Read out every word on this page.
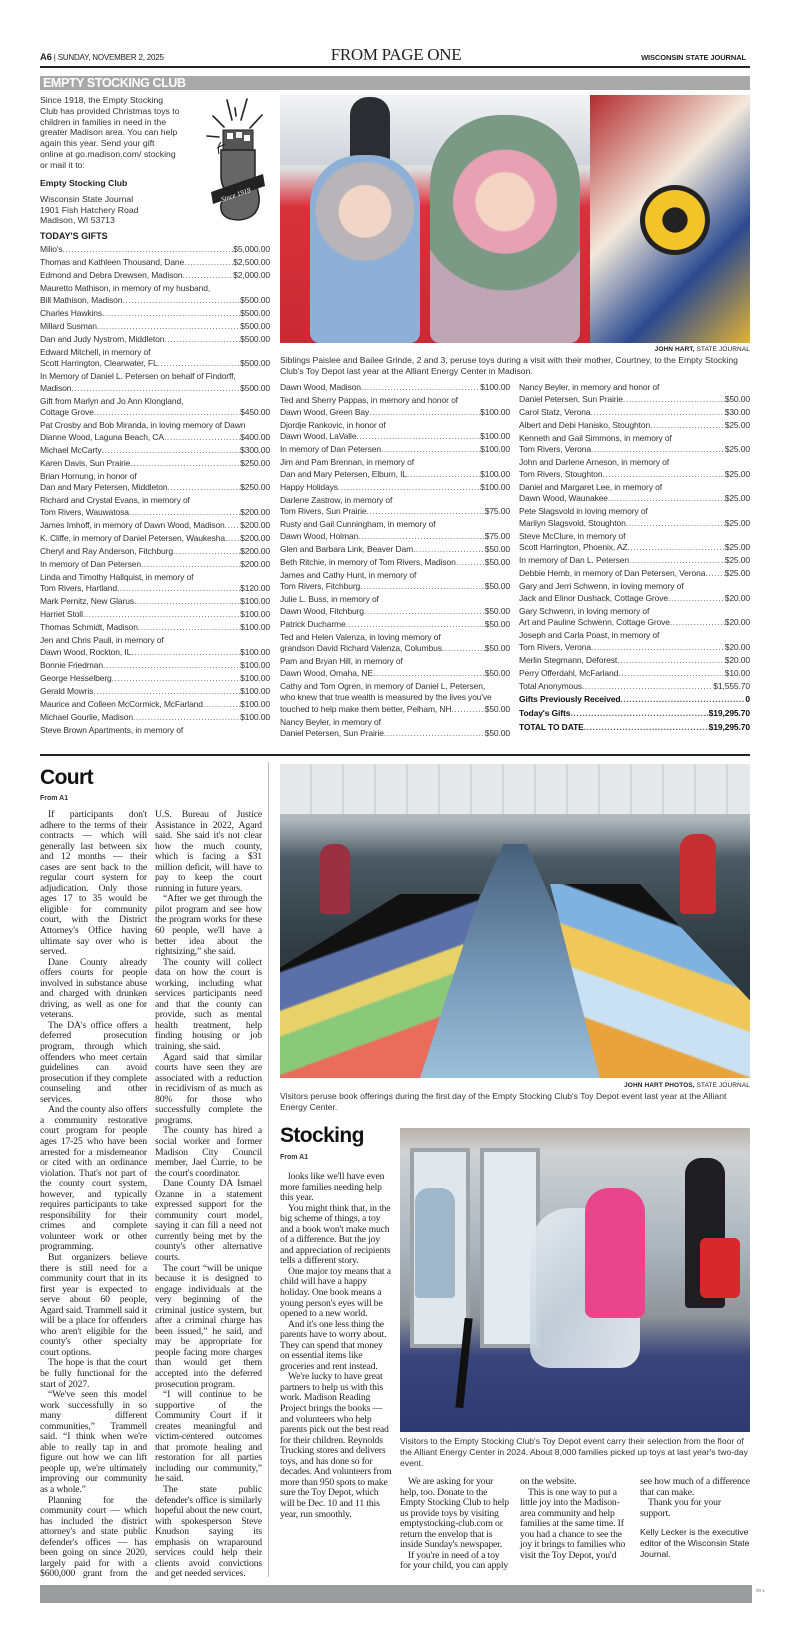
A6 | SUNDAY, NOVEMBER 2, 2025	FROM PAGE ONE	WISCONSIN STATE JOURNAL
EMPTY STOCKING CLUB
Since 1918, the Empty Stocking Club has provided Christmas toys to children in families in need in the greater Madison area. You can help again this year. Send your gift online at go.madison.com/ stocking or mail it to:
Empty Stocking Club
Wisconsin State Journal
1901 Fish Hatchery Road
Madison, WI 53713
Since 1918
TODAY'S GIFTS
Milio's .....	$5,000.00
Thomas and Kathleen Thousand, Dane .....	$2,500.00
Edmond and Debra Drewsen, Madison .....	$2,000.00
Mauretto Mathison, in memory of my husband,
Bill Mathison, Madison .....	$500.00
Charles Hawkins .....	$500.00
Millard Susman .....	$500.00
Dan and Judy Nystrom, Middleton .....	$500.00
Edward Mitchell, in memory of
Scott Harrington, Clearwater, FL .....	$500.00
In Memory of Daniel L. Petersen on behalf of Findorff,
Madison .....	$500.00
Gift from Marlyn and Jo Ann Klongland,
Cottage Grove .....	$450.00
Pat Crosby and Bob Miranda, in loving memory of Dawn
Dianne Wood, Laguna Beach, CA .....	$400.00
Michael McCarty .....	$300.00
Karen Davis, Sun Prairie .....	$250.00
Brian Hornung, in honor of
Dan and Mary Petersen, Middleton .....	$250.00
Richard and Crystal Evans, in memory of
Tom Rivers, Wauwatosa .....	$200.00
James Imhoff, in memory of Dawn Wood, Madison ..... $200.00
K. Cliffe, in memory of Daniel Petersen, Waukesha ..... $200.00
Cheryl and Ray Anderson, Fitchburg .....	$200.00
In memory of Dan Petersen .....	$200.00
Linda and Timothy Hallquist, in memory of
Tom Rivers, Hartland .....	$120.00
Mark Pernitz, New Glarus .....	$100.00
Harriet Stoll .....	$100.00
Thomas Schmidt, Madison .....	$100.00
Jen and Chris Pauli, in memory of
Dawn Wood, Rockton, IL .....	$100.00
Bonnie Friedman .....	$100.00
George Hesselberg .....	$100.00
Gerald Mowris .....	$100.00
Maurice and Colleen McCormick, McFarland .....	$100.00
Michael Gourlie, Madison .....	$100.00
Steve Brown Apartments, in memory of
JOHN HART, STATE JOURNAL
Siblings Paislee and Bailee Grinde, 2 and 3, peruse toys during a visit with their mother, Courtney, to the Empty Stocking Club's Toy Depot last year at the Alliant Energy Center in Madison.
Dawn Wood, Madison .....	$100.00
Ted and Sherry Pappas, in memory and honor of
Dawn Wood, Green Bay .....	$100.00
Djordje Rankovic, in honor of
Dawn Wood, LaValle .....	$100.00
In memory of Dan Petersen .....	$100.00
Jim and Pam Brennan, in memory of
Dan and Mary Petersen, Elburn, IL .....	$100.00
Happy Holidays .....	$100.00
Darlene Zastrow, in memory of
Tom Rivers, Sun Prairie .....	$75.00
Rusty and Gail Cunningham, in memory of
Dawn Wood, Holman .....	$75.00
Glen and Barbara Link, Beaver Dam .....	$50.00
Beth Ritchie, in memory of Tom Rivers, Madison .....	$50.00
James and Cathy Hunt, in memory of
Tom Rivers, Fitchburg .....	$50.00
Julie L. Buss, in memory of
Dawn Wood, Fitchburg .....	$50.00
Patrick Ducharme .....	$50.00
Ted and Helen Valenza, in loving memory of
grandson David Richard Valenza, Columbus .....	$50.00
Pam and Bryan Hill, in memory of
Dawn Wood, Omaha, NE .....	$50.00
Cathy and Tom Ogren, in memory of Daniel L. Petersen,
who knew that true wealth is measured by the lives you've
touched to help make them better, Pelham, NH .....	$50.00
Nancy Beyler, in memory of
Daniel Petersen, Sun Prairie .....	$50.00
Nancy Beyler, in memory and honor of
Daniel Petersen, Sun Prairie .....	$50.00
Carol Statz, Verona .....	$30.00
Albert and Debi Hanisko, Stoughton .....	$25.00
Kenneth and Gail Simmons, in memory of
Tom Rivers, Verona .....	$25.00
John and Darlene Arneson, in memory of
Tom Rivers, Stoughton .....	$25.00
Daniel and Margaret Lee, in memory of
Dawn Wood, Waunakee .....	$25.00
Pete Slagsvold in loving memory of
Marilyn Slagsvold, Stoughton .....	$25.00
Steve McClure, in memory of
Scott Harrington, Phoenix, AZ .....	$25.00
In memory of Dan L. Petersen .....	$25.00
Debbie Hemb, in memory of Dan Petersen, Verona ..... $25.00
Gary and Jerri Schwenn, in loving memory of
Jack and Elinor Dushack, Cottage Grove .....	$20.00
Gary Schwenn, in loving memory of
Art and Pauline Schwenn, Cottage Grove .....	$20.00
Joseph and Carla Poast, in memory of
Tom Rivers, Verona .....	$20.00
Merlin Stegmann, Deforest .....	$20.00
Perry Offerdahl, McFarland .....	$10.00
Total Anonymous .....	$1,555.70
Gifts Previously Received .....	0
Today's Gifts .....	$19,295.70
TOTAL TO DATE .....	$19,295.70
Court
From A1

If participants don't adhere to the terms of their contracts — which will generally last between six and 12 months — their cases are sent back to the regular court system for adjudication. Only those ages 17 to 35 would be eligible for community court, with the District Attorney's Office having ultimate say over who is served.

Dane County already offers courts for people involved in substance abuse and charged with drunken driving, as well as one for veterans.

The DA's office offers a deferred prosecution program, through which offenders who meet certain guidelines can avoid prosecution if they complete counseling and other services.

And the county also offers a community restorative court program for people ages 17-25 who have been arrested for a misdemeanor or cited with an ordinance violation. That's not part of the county court system, however, and typically requires participants to take responsibility for their crimes and complete volunteer work or other programming.

But organizers believe there is still need for a community court that in its first year is expected to serve about 60 people, Agard said. Trammell said it will be a place for offenders who aren't eligible for the county's other specialty court options.

The hope is that the court be fully functional for the start of 2027.

“We've seen this model work successfully in so many different communities,” Trammell said. “I think when we're able to really tap in and figure out how we can lift people up, we're ultimately improving our community as a whole.”

Planning for the community court — which has included the district attorney's and state public defender's offices — has been going on since 2020, largely paid for with a $600,000 grant from the U.S. Bureau of Justice Assistance in 2022, Agard said. She said it's not clear how the much county, which is facing a $31 million deficit, will have to pay to keep the court running in future years.

“After we get through the pilot program and see how the program works for these 60 people, we'll have a better idea about the rightsizing,” she said.

The county will collect data on how the court is working, including what services participants need and that the county can provide, such as mental health treatment, help finding housing or job training, she said.

Agard said that similar courts have seen they are associated with a reduction in recidivism of as much as 80% for those who successfully complete the programs.

The county has hired a social worker and former Madison City Council member, Jael Currie, to be the court's coordinator.

Dane County DA Ismael Ozanne in a statement expressed support for the community court model, saying it can fill a need not currently being met by the county's other alternative courts.

The court “will be unique because it is designed to engage individuals at the very beginning of the criminal justice system, but after a criminal charge has been issued,” he said, and may be appropriate for people facing more charges than would get them accepted into the deferred prosecution program.

“I will continue to be supportive of the Community Court if it creates meaningful and victim-centered outcomes that promote healing and restoration for all parties including our community,” he said.

The state public defender's office is similarly hopeful about the new court, with spokesperson Steve Knudson saying its emphasis on wraparound services could help their clients avoid convictions and get needed services.

JOHN HART PHOTOS, STATE JOURNAL
Visitors peruse book offerings during the first day of the Empty Stocking Club's Toy Depot event last year at the Alliant Energy Center.
Stocking
From A1

looks like we'll have even more families needing help this year.

You might think that, in the big scheme of things, a toy and a book won't make much of a difference. But the joy and appreciation of recipients tells a different story.

One major toy means that a child will have a happy holiday. One book means a young person's eyes will be opened to a new world.

And it's one less thing the parents have to worry about. They can spend that money on essential items like groceries and rent instead.

We're lucky to have great partners to help us with this work. Madison Reading Project brings the books — and volunteers who help parents pick out the best read for their children. Reynolds Trucking stores and delivers toys, and has done so for decades. And volunteers from more than 950 spots to make sure the Toy Depot, which will be Dec. 10 and 11 this year, run smoothly.

Visitors to the Empty Stocking Club's Toy Depot event carry their selection from the floor of the Alliant Energy Center in 2024. About 8,000 families picked up toys at last year's two-day event.

We are asking for your help, too. Donate to the Empty Stocking Club to help us provide toys by visiting emptystocking-club.com or return the envelop that is inside Sunday's newspaper.

If you're in need of a toy for your child, you can apply on the website.

This is one way to put a little joy into the Madison-area community and help families at the same time. If you had a chance to see the joy it brings to families who visit the Toy Depot, you'd see how much of a difference that can make.

Thank you for your support.

Kelly Lecker is the executive editor of the Wisconsin State Journal.

00 1
